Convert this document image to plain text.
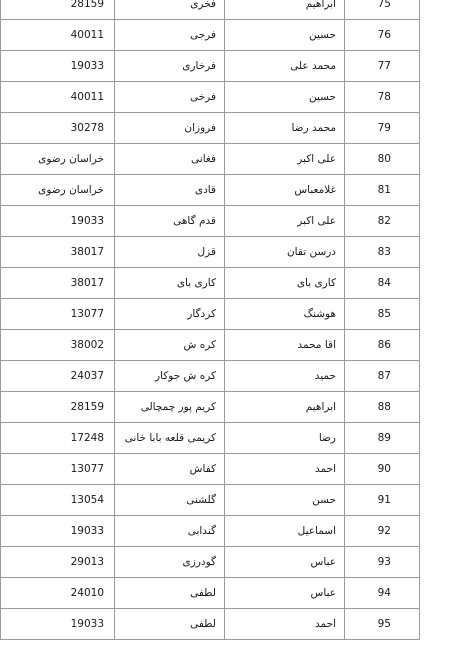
28159	فخری	ابراهیم	75	
40011	فرجی	حسین	76	
19033	فرخاری	محمد علی	77	
40011	فرخی	حسین	78	
30278	فروزان	محمد رضا	79	
خراسان رضوی	فغانی	علی اکبر	80	
خراسان رضوی	قادی	غلامعباس	81	
19033	قدم گاهی	علی اکبر	82	
38017	قزل	درسن تقان	83	
38017	کاری بای	کاری بای	84	
13077	کردگار	هوشنگ	85	
38002	کره ش	اقا محمد	86	
24037	کره ش جوکار	حمید	87	
28159	کریم پور چمچالی	ابراهیم	88	
17248	کریمی قلعه بابا خانی	رضا	89	
13077	کفاش	احمد	90	
13054	گلشنی	حسن	91	
19033	گندابی	اسماعیل	92	
29013	گودرزی	عباس	93	
24010	لطفی	عباس	94	
19033	لطفی	احمد	95	
